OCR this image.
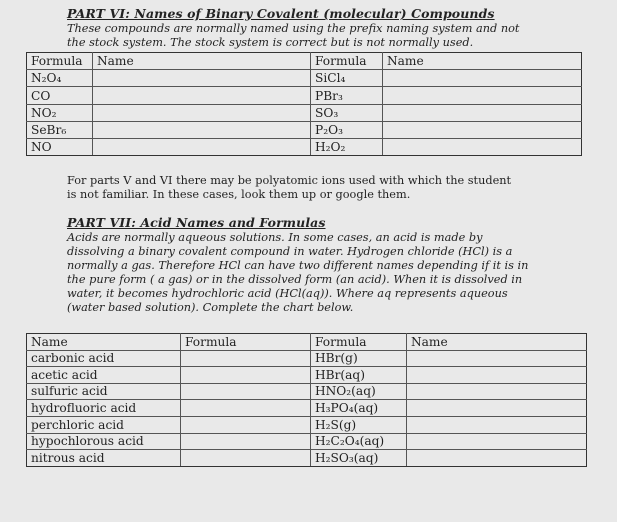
PART VI: Names of Binary Covalent (molecular) Compounds
These compounds are normally named using the prefix naming system and not
the stock system. The stock system is correct but is not normally used.
Formula	Name	Formula	Name
N₂O₄		SiCl₄	
CO		PBr₃	
NO₂		SO₃	
SeBr₆		P₂O₃	
NO		H₂O₂	
For parts V and VI there may be polyatomic ions used with which the student
is not familiar. In these cases, look them up or google them.
PART VII: Acid Names and Formulas
Acids are normally aqueous solutions. In some cases, an acid is made by
dissolving a binary covalent compound in water. Hydrogen chloride (HCl) is a
normally a gas. Therefore HCl can have two different names depending if it is in
the pure form ( a gas) or in the dissolved form (an acid). When it is dissolved in
water, it becomes hydrochloric acid (HCl(aq)). Where aq represents aqueous
(water based solution). Complete the chart below.
Name	Formula	Formula	Name
carbonic acid		HBr(g)	
acetic acid		HBr(aq)	
sulfuric acid		HNO₂(aq)	
hydrofluoric acid		H₃PO₄(aq)	
perchloric acid		H₂S(g)	
hypochlorous acid		H₂C₂O₄(aq)	
nitrous acid		H₂SO₃(aq)	
